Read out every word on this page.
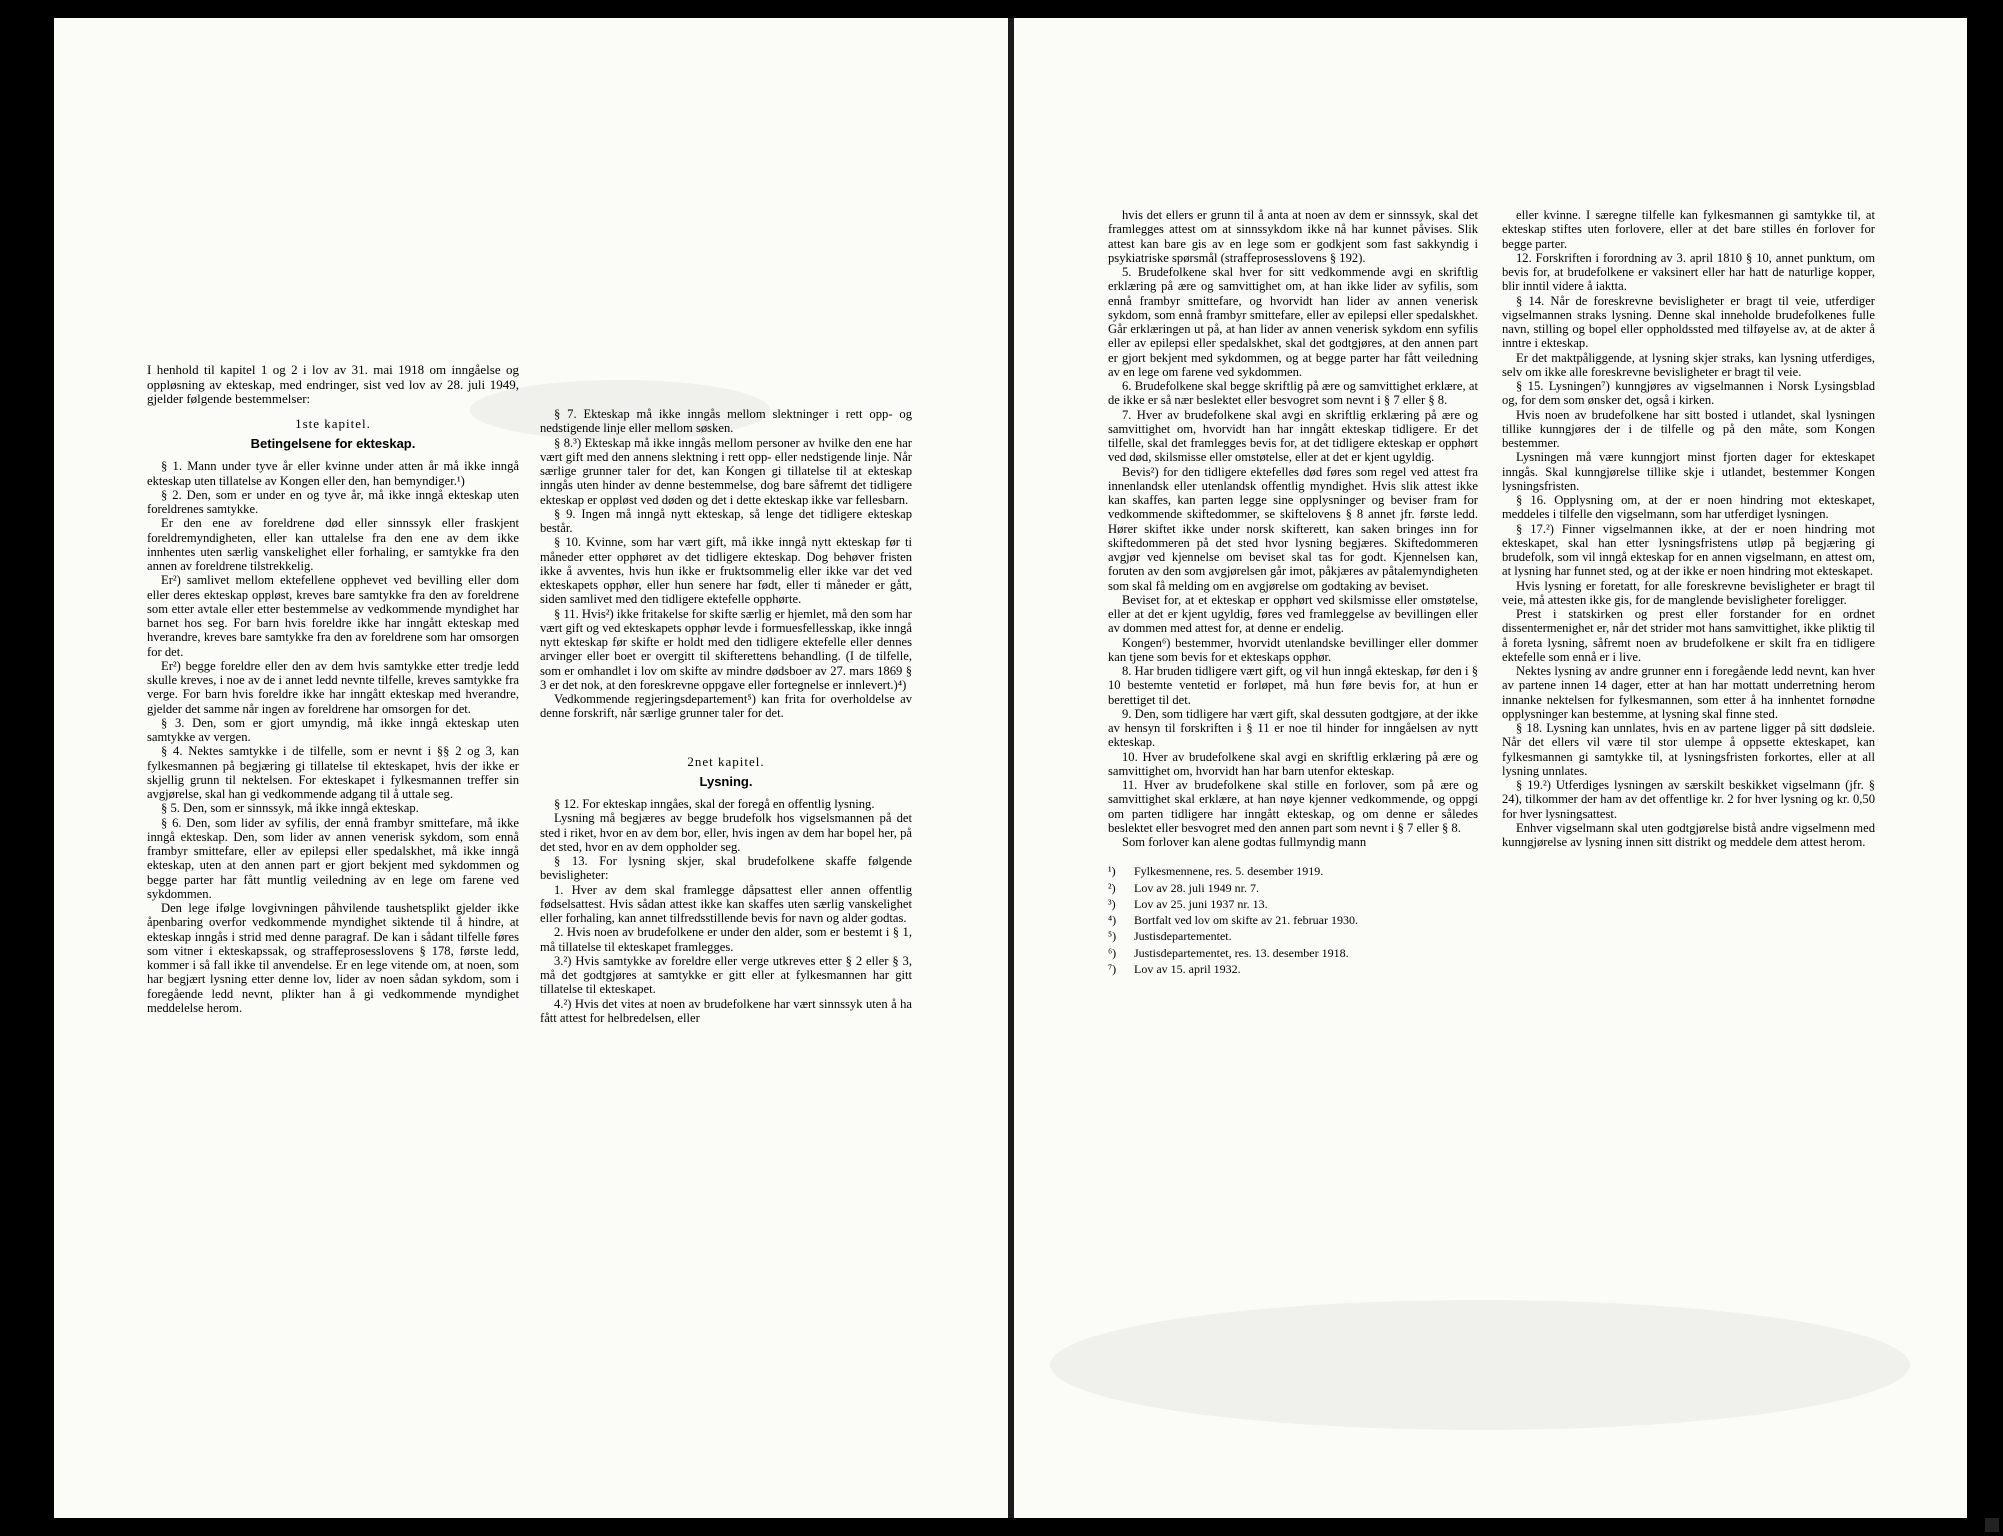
I henhold til kapitel 1 og 2 i lov av 31. mai 1918 om inngåelse og oppløsning av ekteskap, med endringer, sist ved lov av 28. juli 1949, gjelder følgende bestemmelser:

1ste kapitel.
Betingelsene for ekteskap.

§ 1. Mann under tyve år eller kvinne under atten år må ikke inngå ekteskap uten tillatelse av Kongen eller den, han bemyndiger.¹)

§ 2. Den, som er under en og tyve år, må ikke inngå ekteskap uten foreldrenes samtykke.

Er den ene av foreldrene død eller sinnssyk eller fraskjent foreldremyndigheten, eller kan uttalelse fra den ene av dem ikke innhentes uten særlig vanskelighet eller forhaling, er samtykke fra den annen av foreldrene tilstrekkelig.

Er²) samlivet mellom ektefellene opphevet ved bevilling eller dom eller deres ekteskap oppløst, kreves bare samtykke fra den av foreldrene som etter avtale eller etter bestemmelse av vedkommende myndighet har barnet hos seg. For barn hvis foreldre ikke har inngått ekteskap med hverandre, kreves bare samtykke fra den av foreldrene som har omsorgen for det.

Er²) begge foreldre eller den av dem hvis samtykke etter tredje ledd skulle kreves, i noe av de i annet ledd nevnte tilfelle, kreves samtykke fra verge. For barn hvis foreldre ikke har inngått ekteskap med hverandre, gjelder det samme når ingen av foreldrene har omsorgen for det.

§ 3. Den, som er gjort umyndig, må ikke inngå ekteskap uten samtykke av vergen.

§ 4. Nektes samtykke i de tilfelle, som er nevnt i §§ 2 og 3, kan fylkesmannen på begjæring gi tillatelse til ekteskapet, hvis der ikke er skjellig grunn til nektelsen. For ekteskapet i fylkesmannen treffer sin avgjørelse, skal han gi vedkommende adgang til å uttale seg.

§ 5. Den, som er sinnssyk, må ikke inngå ekteskap.

§ 6. Den, som lider av syfilis, der ennå frambyr smittefare, må ikke inngå ekteskap. Den, som lider av annen venerisk sykdom, som ennå frambyr smittefare, eller av epilepsi eller spedalskhet, må ikke inngå ekteskap, uten at den annen part er gjort bekjent med sykdommen og begge parter har fått muntlig veiledning av en lege om farene ved sykdommen.

Den lege ifølge lovgivningen påhvilende taushetsplikt gjelder ikke åpenbaring overfor vedkommende myndighet siktende til å hindre, at ekteskap inngås i strid med denne paragraf. De kan i sådant tilfelle føres som vitner i ekteskapssak, og straffeprosesslovens § 178, første ledd, kommer i så fall ikke til anvendelse. Er en lege vitende om, at noen, som har begjært lysning etter denne lov, lider av noen sådan sykdom, som i foregående ledd nevnt, plikter han å gi vedkommende myndighet meddelelse herom.

§ 7. Ekteskap må ikke inngås mellom slektninger i rett opp- og nedstigende linje eller mellom søsken.

§ 8.³) Ekteskap må ikke inngås mellom personer av hvilke den ene har vært gift med den annens slektning i rett opp- eller nedstigende linje. Når særlige grunner taler for det, kan Kongen gi tillatelse til at ekteskap inngås uten hinder av denne bestemmelse, dog bare såfremt det tidligere ekteskap er oppløst ved døden og det i dette ekteskap ikke var fellesbarn.

§ 9. Ingen må inngå nytt ekteskap, så lenge det tidligere ekteskap består.

§ 10. Kvinne, som har vært gift, må ikke inngå nytt ekteskap før ti måneder etter opphøret av det tidligere ekteskap. Dog behøver fristen ikke å avventes, hvis hun ikke er fruktsommelig eller ikke var det ved ekteskapets opphør, eller hun senere har født, eller ti måneder er gått, siden samlivet med den tidligere ektefelle opphørte.

§ 11. Hvis²) ikke fritakelse for skifte særlig er hjemlet, må den som har vært gift og ved ekteskapets opphør levde i formuesfellesskap, ikke inngå nytt ekteskap før skifte er holdt med den tidligere ektefelle eller dennes arvinger eller boet er overgitt til skifterettens behandling. (I de tilfelle, som er omhandlet i lov om skifte av mindre dødsboer av 27. mars 1869 § 3 er det nok, at den foreskrevne oppgave eller fortegnelse er innlevert.)⁴)

Vedkommende regjeringsdepartement⁵) kan frita for overholdelse av denne forskrift, når særlige grunner taler for det.

2net kapitel.
Lysning.

§ 12. For ekteskap inngåes, skal der foregå en offentlig lysning.

Lysning må begjæres av begge brudefolk hos vigselsmannen på det sted i riket, hvor en av dem bor, eller, hvis ingen av dem har bopel her, på det sted, hvor en av dem oppholder seg.

§ 13. For lysning skjer, skal brudefolkene skaffe følgende bevisligheter:

1. Hver av dem skal framlegge dåpsattest eller annen offentlig fødselsattest. Hvis sådan attest ikke kan skaffes uten særlig vanskelighet eller forhaling, kan annet tilfredsstillende bevis for navn og alder godtas.

2. Hvis noen av brudefolkene er under den alder, som er bestemt i § 1, må tillatelse til ekteskapet framlegges.

3.²) Hvis samtykke av foreldre eller verge utkreves etter § 2 eller § 3, må det godtgjøres at samtykke er gitt eller at fylkesmannen har gitt tillatelse til ekteskapet.

4.²) Hvis det vites at noen av brudefolkene har vært sinnssyk uten å ha fått attest for helbredelsen, eller

hvis det ellers er grunn til å anta at noen av dem er sinnssyk, skal det framlegges attest om at sinnssykdom ikke nå har kunnet påvises. Slik attest kan bare gis av en lege som er godkjent som fast sakkyndig i psykiatriske spørsmål (straffeprosesslovens § 192).

5. Brudefolkene skal hver for sitt vedkommende avgi en skriftlig erklæring på ære og samvittighet om, at han ikke lider av syfilis, som ennå frambyr smittefare, og hvorvidt han lider av annen venerisk sykdom, som ennå frambyr smittefare, eller av epilepsi eller spedalskhet. Går erklæringen ut på, at han lider av annen venerisk sykdom enn syfilis eller av epilepsi eller spedalskhet, skal det godtgjøres, at den annen part er gjort bekjent med sykdommen, og at begge parter har fått veiledning av en lege om farene ved sykdommen.

6. Brudefolkene skal begge skriftlig på ære og samvittighet erklære, at de ikke er så nær beslektet eller besvogret som nevnt i § 7 eller § 8.

7. Hver av brudefolkene skal avgi en skriftlig erklæring på ære og samvittighet om, hvorvidt han har inngått ekteskap tidligere. Er det tilfelle, skal det framlegges bevis for, at det tidligere ekteskap er opphørt ved død, skilsmisse eller omstøtelse, eller at det er kjent ugyldig.

Bevis²) for den tidligere ektefelles død føres som regel ved attest fra innenlandsk eller utenlandsk offentlig myndighet. Hvis slik attest ikke kan skaffes, kan parten legge sine opplysninger og beviser fram for vedkommende skiftedommer, se skiftelovens § 8 annet jfr. første ledd. Hører skiftet ikke under norsk skifterett, kan saken bringes inn for skiftedommeren på det sted hvor lysning begjæres. Skiftedommeren avgjør ved kjennelse om beviset skal tas for godt. Kjennelsen kan, foruten av den som avgjørelsen går imot, påkjæres av påtalemyndigheten som skal få melding om en avgjørelse om godtaking av beviset.

Beviset for, at et ekteskap er opphørt ved skilsmisse eller omstøtelse, eller at det er kjent ugyldig, føres ved framleggelse av bevillingen eller av dommen med attest for, at denne er endelig.

Kongen⁶) bestemmer, hvorvidt utenlandske bevillinger eller dommer kan tjene som bevis for et ekteskaps opphør.

8. Har bruden tidligere vært gift, og vil hun inngå ekteskap, før den i § 10 bestemte ventetid er forløpet, må hun føre bevis for, at hun er berettiget til det.

9. Den, som tidligere har vært gift, skal dessuten godtgjøre, at der ikke av hensyn til forskriften i § 11 er noe til hinder for inngåelsen av nytt ekteskap.

10. Hver av brudefolkene skal avgi en skriftlig erklæring på ære og samvittighet om, hvorvidt han har barn utenfor ekteskap.

11. Hver av brudefolkene skal stille en forlover, som på ære og samvittighet skal erklære, at han nøye kjenner vedkommende, og oppgi om parten tidligere har inngått ekteskap, og om denne er således beslektet eller besvogret med den annen part som nevnt i § 7 eller § 8.

Som forlover kan alene godtas fullmyndig mann

¹)	Fylkesmennene, res. 5. desember 1919.
²)	Lov av 28. juli 1949 nr. 7.
³)	Lov av 25. juni 1937 nr. 13.
⁴)	Bortfalt ved lov om skifte av 21. februar 1930.
⁵)	Justisdepartementet.
⁶)	Justisdepartementet, res. 13. desember 1918.
⁷)	Lov av 15. april 1932.

eller kvinne. I særegne tilfelle kan fylkesmannen gi samtykke til, at ekteskap stiftes uten forlovere, eller at det bare stilles én forlover for begge parter.

12. Forskriften i forordning av 3. april 1810 § 10, annet punktum, om bevis for, at brudefolkene er vaksinert eller har hatt de naturlige kopper, blir inntil videre å iaktta.

§ 14. Når de foreskrevne bevisligheter er bragt til veie, utferdiger vigselmannen straks lysning. Denne skal inneholde brudefolkenes fulle navn, stilling og bopel eller oppholdssted med tilføyelse av, at de akter å inntre i ekteskap.

Er det maktpåliggende, at lysning skjer straks, kan lysning utferdiges, selv om ikke alle foreskrevne bevisligheter er bragt til veie.

§ 15. Lysningen⁷) kunngjøres av vigselmannen i Norsk Lysingsblad og, for dem som ønsker det, også i kirken.

Hvis noen av brudefolkene har sitt bosted i utlandet, skal lysningen tillike kunngjøres der i de tilfelle og på den måte, som Kongen bestemmer.

Lysningen må være kunngjort minst fjorten dager for ekteskapet inngås. Skal kunngjørelse tillike skje i utlandet, bestemmer Kongen lysningsfristen.

§ 16. Opplysning om, at der er noen hindring mot ekteskapet, meddeles i tilfelle den vigselmann, som har utferdiget lysningen.

§ 17.²) Finner vigselmannen ikke, at der er noen hindring mot ekteskapet, skal han etter lysningsfristens utløp på begjæring gi brudefolk, som vil inngå ekteskap for en annen vigselmann, en attest om, at lysning har funnet sted, og at der ikke er noen hindring mot ekteskapet.

Hvis lysning er foretatt, for alle foreskrevne bevisligheter er bragt til veie, må attesten ikke gis, for de manglende bevisligheter foreligger.

Prest i statskirken og prest eller forstander for en ordnet dissentermenighet er, når det strider mot hans samvittighet, ikke pliktig til å foreta lysning, såfremt noen av brudefolkene er skilt fra en tidligere ektefelle som ennå er i live.

Nektes lysning av andre grunner enn i foregående ledd nevnt, kan hver av partene innen 14 dager, etter at han har mottatt underretning herom innanke nektelsen for fylkesmannen, som etter å ha innhentet fornødne opplysninger kan bestemme, at lysning skal finne sted.

§ 18. Lysning kan unnlates, hvis en av partene ligger på sitt dødsleie. Når det ellers vil være til stor ulempe å oppsette ekteskapet, kan fylkesmannen gi samtykke til, at lysningsfristen forkortes, eller at all lysning unnlates.

§ 19.²) Utferdiges lysningen av særskilt beskikket vigselmann (jfr. § 24), tilkommer der ham av det offentlige kr. 2 for hver lysning og kr. 0,50 for hver lysningsattest.

Enhver vigselmann skal uten godtgjørelse bistå andre vigselmenn med kunngjørelse av lysning innen sitt distrikt og meddele dem attest herom.
